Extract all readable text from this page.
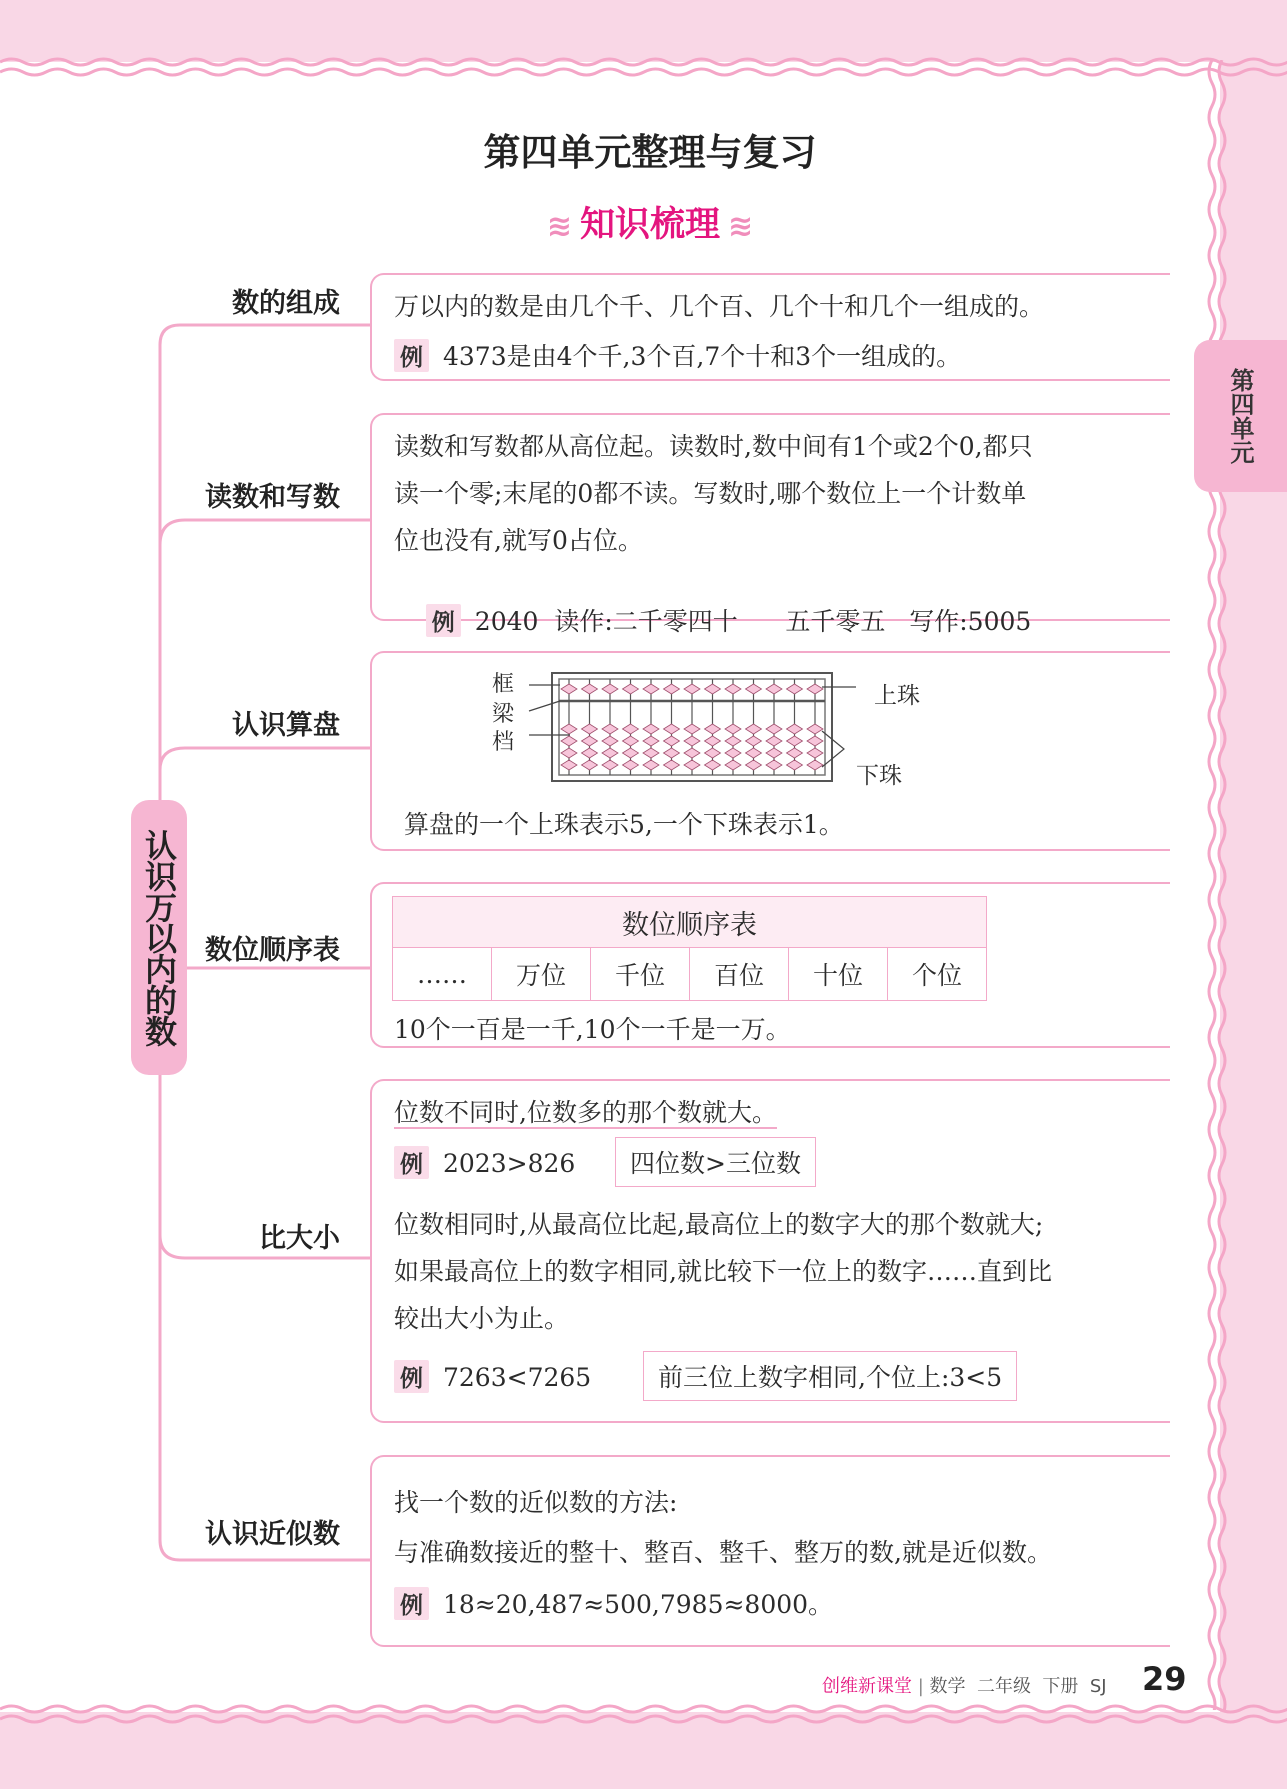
第四单元整理与复习
≋ 知识梳理 ≋
第四单元
认识万以内的数
数的组成
读数和写数
认识算盘
数位顺序表
比大小
认识近似数
万以内的数是由几个千、几个百、几个十和几个一组成的。
例 4373是由4个千,3个百,7个十和3个一组成的。
读数和写数都从高位起。读数时,数中间有1个或2个0,都只
读一个零;末尾的0都不读。写数时,哪个数位上一个计数单
位也没有,就写0占位。

例 2040  读作:二千零四十      五千零五   写作:5005

框
梁
档
上珠
下珠
算盘的一个上珠表示5,一个下珠表示1。
数位顺序表
……	万位	千位	百位	十位	个位
10个一百是一千,10个一千是一万。
位数不同时,位数多的那个数就大。
例 2023>826 四位数>三位数
位数相同时,从最高位比起,最高位上的数字大的那个数就大;
如果最高位上的数字相同,就比较下一位上的数字……直到比
较出大小为止。
例 7263<7265	前三位上数字相同,个位上:3<5
找一个数的近似数的方法:
与准确数接近的整十、整百、整千、整万的数,就是近似数。
例 18≈20,487≈500,7985≈8000。
创维新课堂 | 数学 二年级 下册 SJ 29
